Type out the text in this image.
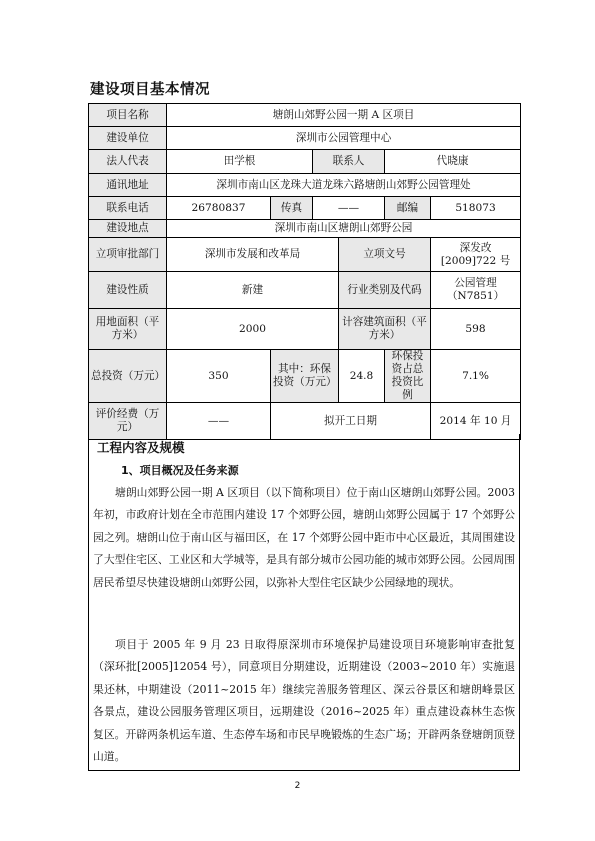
建设项目基本情况
项目名称	塘朗山郊野公园一期 A 区项目					
建设单位	深圳市公园管理中心					
法人代表	田学根		联系人		代晓康	
通讯地址	深圳市南山区龙珠大道龙珠六路塘朗山郊野公园管理处					
联系电话	26780837	传真	——		邮编	518073
建设地点	深圳市南山区塘朗山郊野公园					
立项审批部门	深圳市发展和改革局			立项文号		深发改[2009]722 号
建设性质	新建			行业类别及代码		公园管理（N7851）
用地面积（平方米）	2000			计容建筑面积（平方米）		598
总投资（万元）	350	其中：环保投资（万元）		24.8	环保投资占总投资比例	7.1%
评价经费（万元）	——	拟开工日期				2014 年 10 月
工程内容及规模
1、项目概况及任务来源

塘朗山郊野公园一期 A 区项目（以下简称项目）位于南山区塘朗山郊野公园。2003 年初，市政府计划在全市范围内建设 17 个郊野公园，塘朗山郊野公园属于 17 个郊野公园之列。塘朗山位于南山区与福田区，在 17 个郊野公园中距市中心区最近，其周围建设了大型住宅区、工业区和大学城等，是具有部分城市公园功能的城市郊野公园。公园周围居民希望尽快建设塘朗山郊野公园，以弥补大型住宅区缺少公园绿地的现状。

项目于 2005 年 9 月 23 日取得原深圳市环境保护局建设项目环境影响审查批复（深环批[2005]12054 号），同意项目分期建设，近期建设（2003~2010 年）实施退果还林，中期建设（2011~2015 年）继续完善服务管理区、深云谷景区和塘朗峰景区各景点，建设公园服务管理区项目，远期建设（2016~2025 年）重点建设森林生态恢复区。开辟两条机运车道、生态停车场和市民早晚锻炼的生态广场；开辟两条登塘朗顶登山道。

2
